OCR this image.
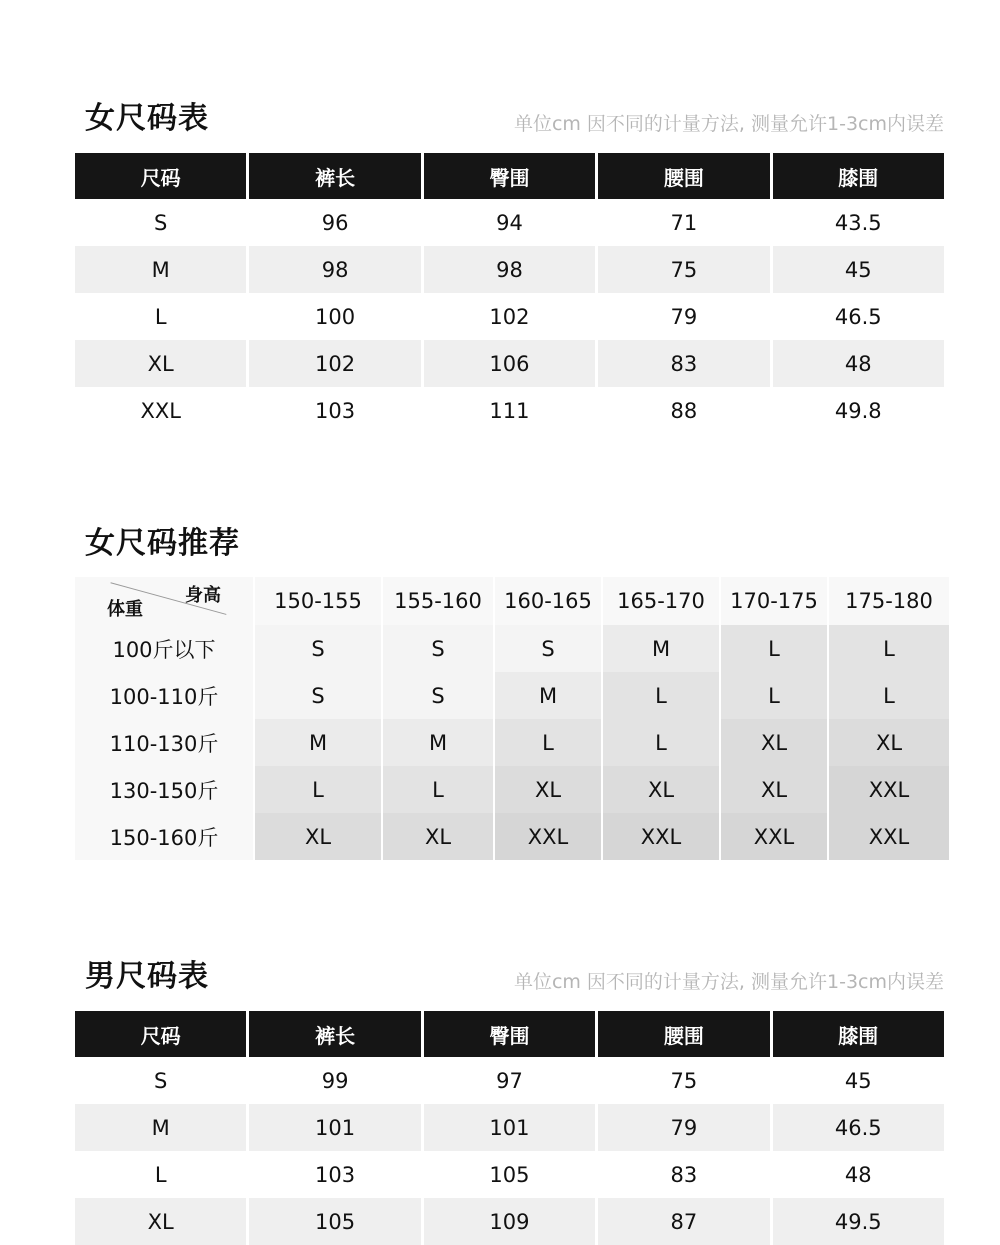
女尺码表	单位cm 因不同的计量方法, 测量允许1-3cm内误差
尺码	裤长	臀围	腰围	膝围
S	96	94	71	43.5
M	98	98	75	45
L	100	102	79	46.5
XL	102	106	83	48
XXL	103	111	88	49.8
女尺码推荐
身高
体重	150-155	155-160	160-165	165-170	170-175	175-180
100斤以下	S	S	S	M	L	L
100-110斤	S	S	M	L	L	L
110-130斤	M	M	L	L	XL	XL
130-150斤	L	L	XL	XL	XL	XXL
150-160斤	XL	XL	XXL	XXL	XXL	XXL
男尺码表	单位cm 因不同的计量方法, 测量允许1-3cm内误差
尺码	裤长	臀围	腰围	膝围
S	99	97	75	45
M	101	101	79	46.5
L	103	105	83	48
XL	105	109	87	49.5
